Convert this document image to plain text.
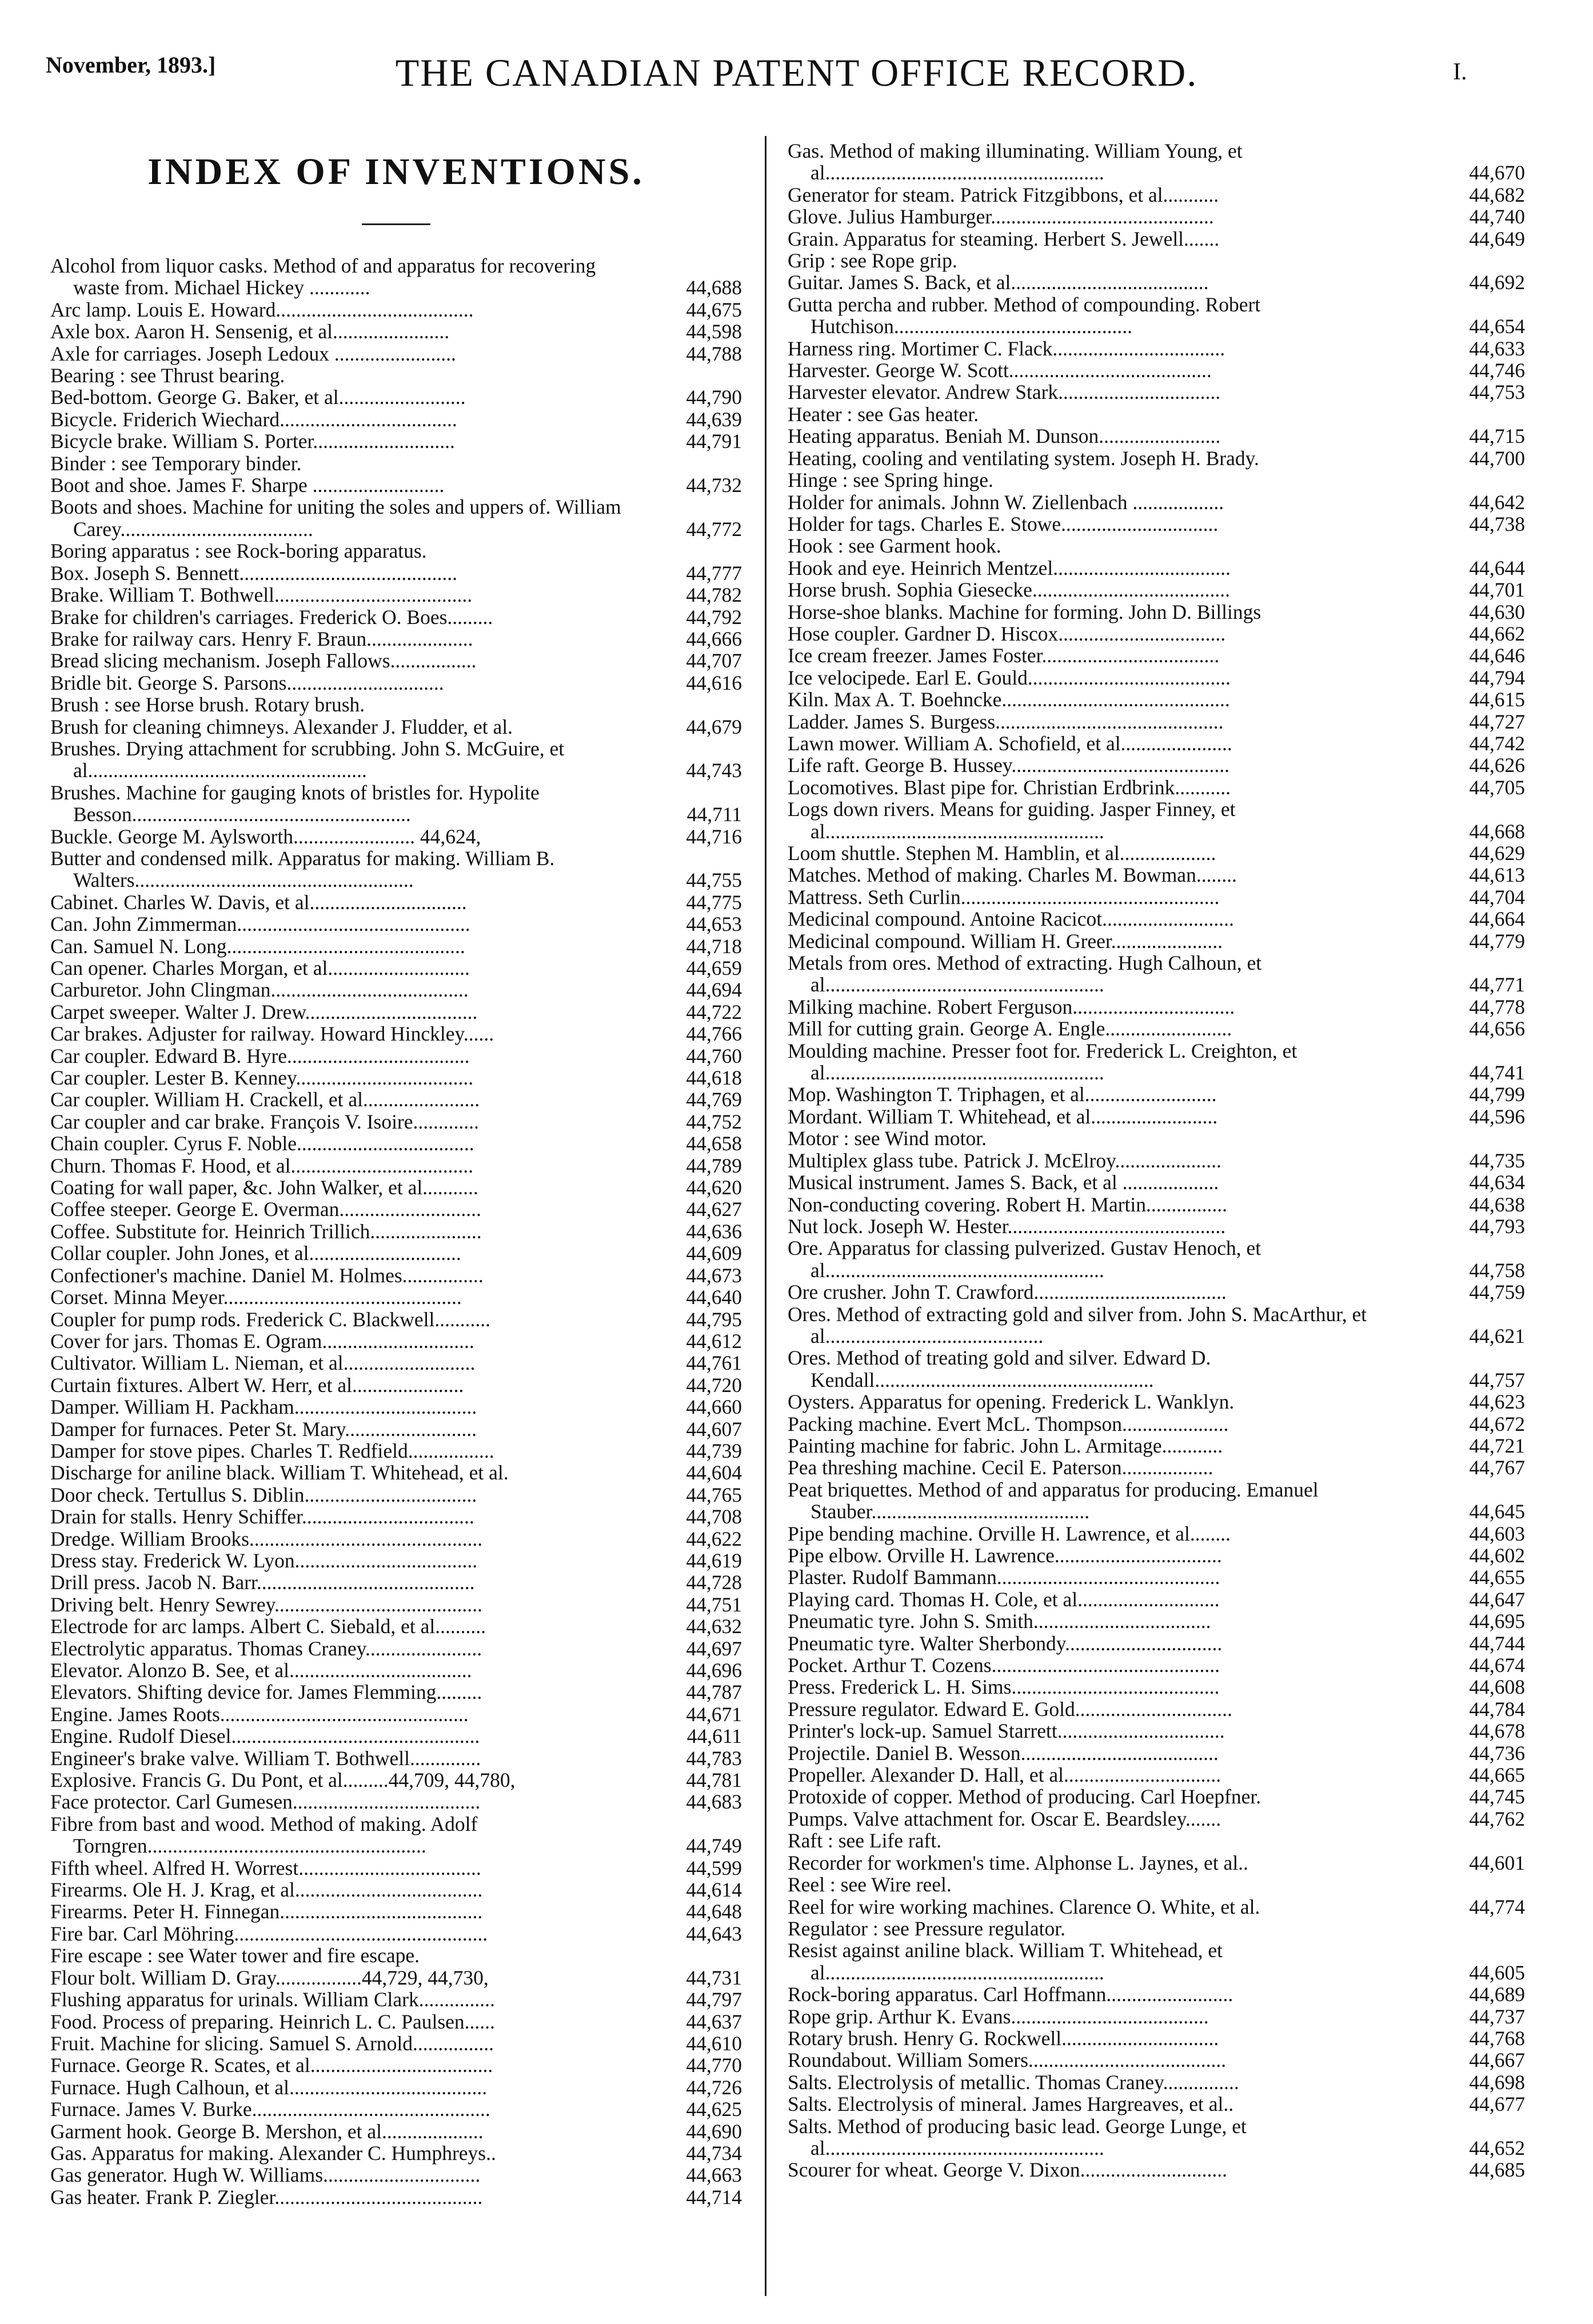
November, 1893.]	THE CANADIAN PATENT OFFICE RECORD.	I.
INDEX OF INVENTIONS.
Alcohol from liquor casks. Method of and apparatus for recovering waste from. Michael Hickey ............	44,688
Arc lamp. Louis E. Howard.......................................	44,675
Axle box. Aaron H. Sensenig, et al.......................	44,598
Axle for carriages. Joseph Ledoux ........................	44,788
Bearing : see Thrust bearing.
Bed-bottom. George G. Baker, et al.........................	44,790
Bicycle. Friderich Wiechard...................................	44,639
Bicycle brake. William S. Porter............................	44,791
Binder : see Temporary binder.
Boot and shoe. James F. Sharpe ..........................	44,732
Boots and shoes. Machine for uniting the soles and uppers of. William Carey......................................	44,772
Boring apparatus : see Rock-boring apparatus.
Box. Joseph S. Bennett...........................................	44,777
Brake. William T. Bothwell.......................................	44,782
Brake for children's carriages. Frederick O. Boes.........	44,792
Brake for railway cars. Henry F. Braun.....................	44,666
Bread slicing mechanism. Joseph Fallows.................	44,707
Bridle bit. George S. Parsons...............................	44,616
Brush : see Horse brush. Rotary brush.
Brush for cleaning chimneys. Alexander J. Fludder, et al.	44,679
Brushes. Drying attachment for scrubbing. John S. McGuire, et al.......................................................	44,743
Brushes. Machine for gauging knots of bristles for. Hypolite Besson.......................................................	44,711
Buckle. George M. Aylsworth........................ 44,624,	44,716
Butter and condensed milk. Apparatus for making. William B. Walters.......................................................	44,755
Cabinet. Charles W. Davis, et al...............................	44,775
Can. John Zimmerman..............................................	44,653
Can. Samuel N. Long...............................................	44,718
Can opener. Charles Morgan, et al............................	44,659
Carburetor. John Clingman.......................................	44,694
Carpet sweeper. Walter J. Drew..................................	44,722
Car brakes. Adjuster for railway. Howard Hinckley......	44,766
Car coupler. Edward B. Hyre....................................	44,760
Car coupler. Lester B. Kenney...................................	44,618
Car coupler. William H. Crackell, et al.......................	44,769
Car coupler and car brake. François V. Isoire.............	44,752
Chain coupler. Cyrus F. Noble...................................	44,658
Churn. Thomas F. Hood, et al....................................	44,789
Coating for wall paper, &c. John Walker, et al...........	44,620
Coffee steeper. George E. Overman............................	44,627
Coffee. Substitute for. Heinrich Trillich......................	44,636
Collar coupler. John Jones, et al..............................	44,609
Confectioner's machine. Daniel M. Holmes................	44,673
Corset. Minna Meyer...............................................	44,640
Coupler for pump rods. Frederick C. Blackwell...........	44,795
Cover for jars. Thomas E. Ogram..............................	44,612
Cultivator. William L. Nieman, et al..........................	44,761
Curtain fixtures. Albert W. Herr, et al......................	44,720
Damper. William H. Packham....................................	44,660
Damper for furnaces. Peter St. Mary..........................	44,607
Damper for stove pipes. Charles T. Redfield.................	44,739
Discharge for aniline black. William T. Whitehead, et al.	44,604
Door check. Tertullus S. Diblin..................................	44,765
Drain for stalls. Henry Schiffer..................................	44,708
Dredge. William Brooks..............................................	44,622
Dress stay. Frederick W. Lyon....................................	44,619
Drill press. Jacob N. Barr...........................................	44,728
Driving belt. Henry Sewrey.........................................	44,751
Electrode for arc lamps. Albert C. Siebald, et al..........	44,632
Electrolytic apparatus. Thomas Craney.......................	44,697
Elevator. Alonzo B. See, et al....................................	44,696
Elevators. Shifting device for. James Flemming.........	44,787
Engine. James Roots.................................................	44,671
Engine. Rudolf Diesel.................................................	44,611
Engineer's brake valve. William T. Bothwell..............	44,783
Explosive. Francis G. Du Pont, et al.........44,709, 44,780,	44,781
Face protector. Carl Gumesen.....................................	44,683
Fibre from bast and wood. Method of making. Adolf Torngren.......................................................	44,749
Fifth wheel. Alfred H. Worrest....................................	44,599
Firearms. Ole H. J. Krag, et al.....................................	44,614
Firearms. Peter H. Finnegan........................................	44,648
Fire bar. Carl Möhring..................................................	44,643
Fire escape : see Water tower and fire escape.
Flour bolt. William D. Gray.................44,729, 44,730,	44,731
Flushing apparatus for urinals. William Clark...............	44,797
Food. Process of preparing. Heinrich L. C. Paulsen......	44,637
Fruit. Machine for slicing. Samuel S. Arnold................	44,610
Furnace. George R. Scates, et al....................................	44,770
Furnace. Hugh Calhoun, et al.......................................	44,726
Furnace. James V. Burke...............................................	44,625
Garment hook. George B. Mershon, et al....................	44,690
Gas. Apparatus for making. Alexander C. Humphreys..	44,734
Gas generator. Hugh W. Williams...............................	44,663
Gas heater. Frank P. Ziegler.........................................	44,714
Gas. Method of making illuminating. William Young, et al.......................................................	44,670
Generator for steam. Patrick Fitzgibbons, et al...........	44,682
Glove. Julius Hamburger............................................	44,740
Grain. Apparatus for steaming. Herbert S. Jewell.......	44,649
Grip : see Rope grip.
Guitar. James S. Back, et al.......................................	44,692
Gutta percha and rubber. Method of compounding. Robert Hutchison...............................................	44,654
Harness ring. Mortimer C. Flack..................................	44,633
Harvester. George W. Scott........................................	44,746
Harvester elevator. Andrew Stark................................	44,753
Heater : see Gas heater.
Heating apparatus. Beniah M. Dunson........................	44,715
Heating, cooling and ventilating system. Joseph H. Brady.	44,700
Hinge : see Spring hinge.
Holder for animals. Johnn W. Ziellenbach ..................	44,642
Holder for tags. Charles E. Stowe...............................	44,738
Hook : see Garment hook.
Hook and eye. Heinrich Mentzel...................................	44,644
Horse brush. Sophia Giesecke.......................................	44,701
Horse-shoe blanks. Machine for forming. John D. Billings	44,630
Hose coupler. Gardner D. Hiscox.................................	44,662
Ice cream freezer. James Foster...................................	44,646
Ice velocipede. Earl E. Gould........................................	44,794
Kiln. Max A. T. Boehncke.............................................	44,615
Ladder. James S. Burgess.............................................	44,727
Lawn mower. William A. Schofield, et al......................	44,742
Life raft. George B. Hussey...........................................	44,626
Locomotives. Blast pipe for. Christian Erdbrink...........	44,705
Logs down rivers. Means for guiding. Jasper Finney, et al.......................................................	44,668
Loom shuttle. Stephen M. Hamblin, et al...................	44,629
Matches. Method of making. Charles M. Bowman........	44,613
Mattress. Seth Curlin...................................................	44,704
Medicinal compound. Antoine Racicot..........................	44,664
Medicinal compound. William H. Greer......................	44,779
Metals from ores. Method of extracting. Hugh Calhoun, et al.......................................................	44,771
Milking machine. Robert Ferguson................................	44,778
Mill for cutting grain. George A. Engle.........................	44,656
Moulding machine. Presser foot for. Frederick L. Creighton, et al.......................................................	44,741
Mop. Washington T. Triphagen, et al..........................	44,799
Mordant. William T. Whitehead, et al.........................	44,596
Motor : see Wind motor.
Multiplex glass tube. Patrick J. McElroy.....................	44,735
Musical instrument. James S. Back, et al ...................	44,634
Non-conducting covering. Robert H. Martin................	44,638
Nut lock. Joseph W. Hester...........................................	44,793
Ore. Apparatus for classing pulverized. Gustav Henoch, et al.......................................................	44,758
Ore crusher. John T. Crawford......................................	44,759
Ores. Method of extracting gold and silver from. John S. MacArthur, et al...........................................	44,621
Ores. Method of treating gold and silver. Edward D. Kendall.......................................................	44,757
Oysters. Apparatus for opening. Frederick L. Wanklyn.	44,623
Packing machine. Evert McL. Thompson.....................	44,672
Painting machine for fabric. John L. Armitage............	44,721
Pea threshing machine. Cecil E. Paterson..................	44,767
Peat briquettes. Method of and apparatus for producing. Emanuel Stauber...........................................	44,645
Pipe bending machine. Orville H. Lawrence, et al........	44,603
Pipe elbow. Orville H. Lawrence.................................	44,602
Plaster. Rudolf Bammann............................................	44,655
Playing card. Thomas H. Cole, et al............................	44,647
Pneumatic tyre. John S. Smith...................................	44,695
Pneumatic tyre. Walter Sherbondy...............................	44,744
Pocket. Arthur T. Cozens.............................................	44,674
Press. Frederick L. H. Sims.........................................	44,608
Pressure regulator. Edward E. Gold...............................	44,784
Printer's lock-up. Samuel Starrett.................................	44,678
Projectile. Daniel B. Wesson.......................................	44,736
Propeller. Alexander D. Hall, et al...............................	44,665
Protoxide of copper. Method of producing. Carl Hoepfner.	44,745
Pumps. Valve attachment for. Oscar E. Beardsley.......	44,762
Raft : see Life raft.
Recorder for workmen's time. Alphonse L. Jaynes, et al..	44,601
Reel : see Wire reel.
Reel for wire working machines. Clarence O. White, et al.	44,774
Regulator : see Pressure regulator.
Resist against aniline black. William T. Whitehead, et al.......................................................	44,605
Rock-boring apparatus. Carl Hoffmann.........................	44,689
Rope grip. Arthur K. Evans.......................................	44,737
Rotary brush. Henry G. Rockwell...............................	44,768
Roundabout. William Somers.......................................	44,667
Salts. Electrolysis of metallic. Thomas Craney...............	44,698
Salts. Electrolysis of mineral. James Hargreaves, et al..	44,677
Salts. Method of producing basic lead. George Lunge, et al.......................................................	44,652
Scourer for wheat. George V. Dixon.............................	44,685
